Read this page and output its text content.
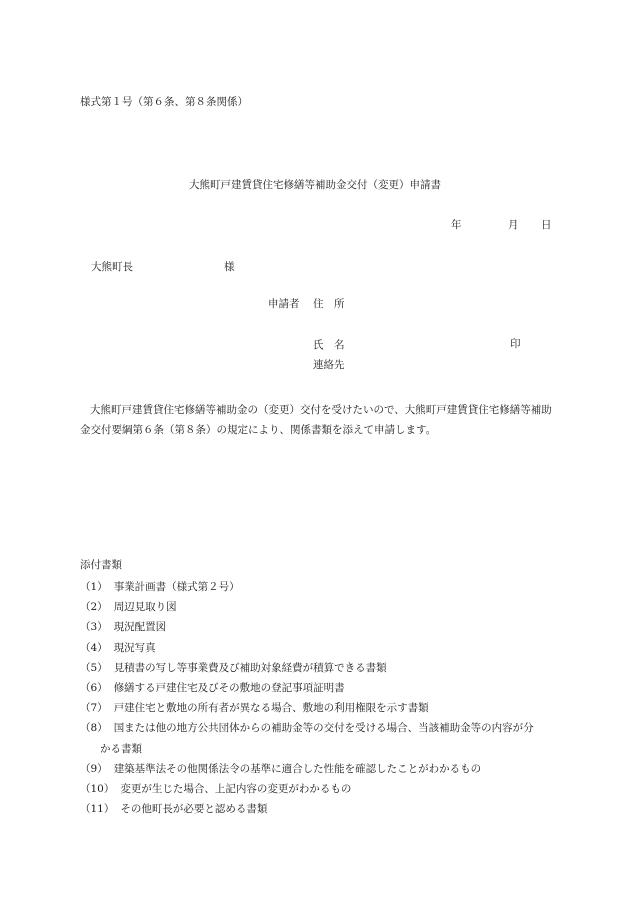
様式第１号（第６条、第８条関係）
大熊町戸建賃貸住宅修繕等補助金交付（変更）申請書
年	月 日
大熊町長	様
申請者 住　所
氏　名	印
連絡先
大熊町戸建賃貸住宅修繕等補助金の（変更）交付を受けたいので、大熊町戸建賃貸住宅修繕等補助金交付要綱第６条（第８条）の規定により、関係書類を添えて申請します。
添付書類
（1） 事業計画書（様式第２号）
（2） 周辺見取り図
（3） 現況配置図
（4） 現況写真
（5） 見積書の写し等事業費及び補助対象経費が積算できる書類
（6） 修繕する戸建住宅及びその敷地の登記事項証明書
（7） 戸建住宅と敷地の所有者が異なる場合、敷地の利用権限を示す書類
（8） 国または他の地方公共団体からの補助金等の交付を受ける場合、当該補助金等の内容が分
かる書類
（9） 建築基準法その他関係法令の基準に適合した性能を確認したことがわかるもの
（10） 変更が生じた場合、上記内容の変更がわかるもの
（11） その他町長が必要と認める書類
